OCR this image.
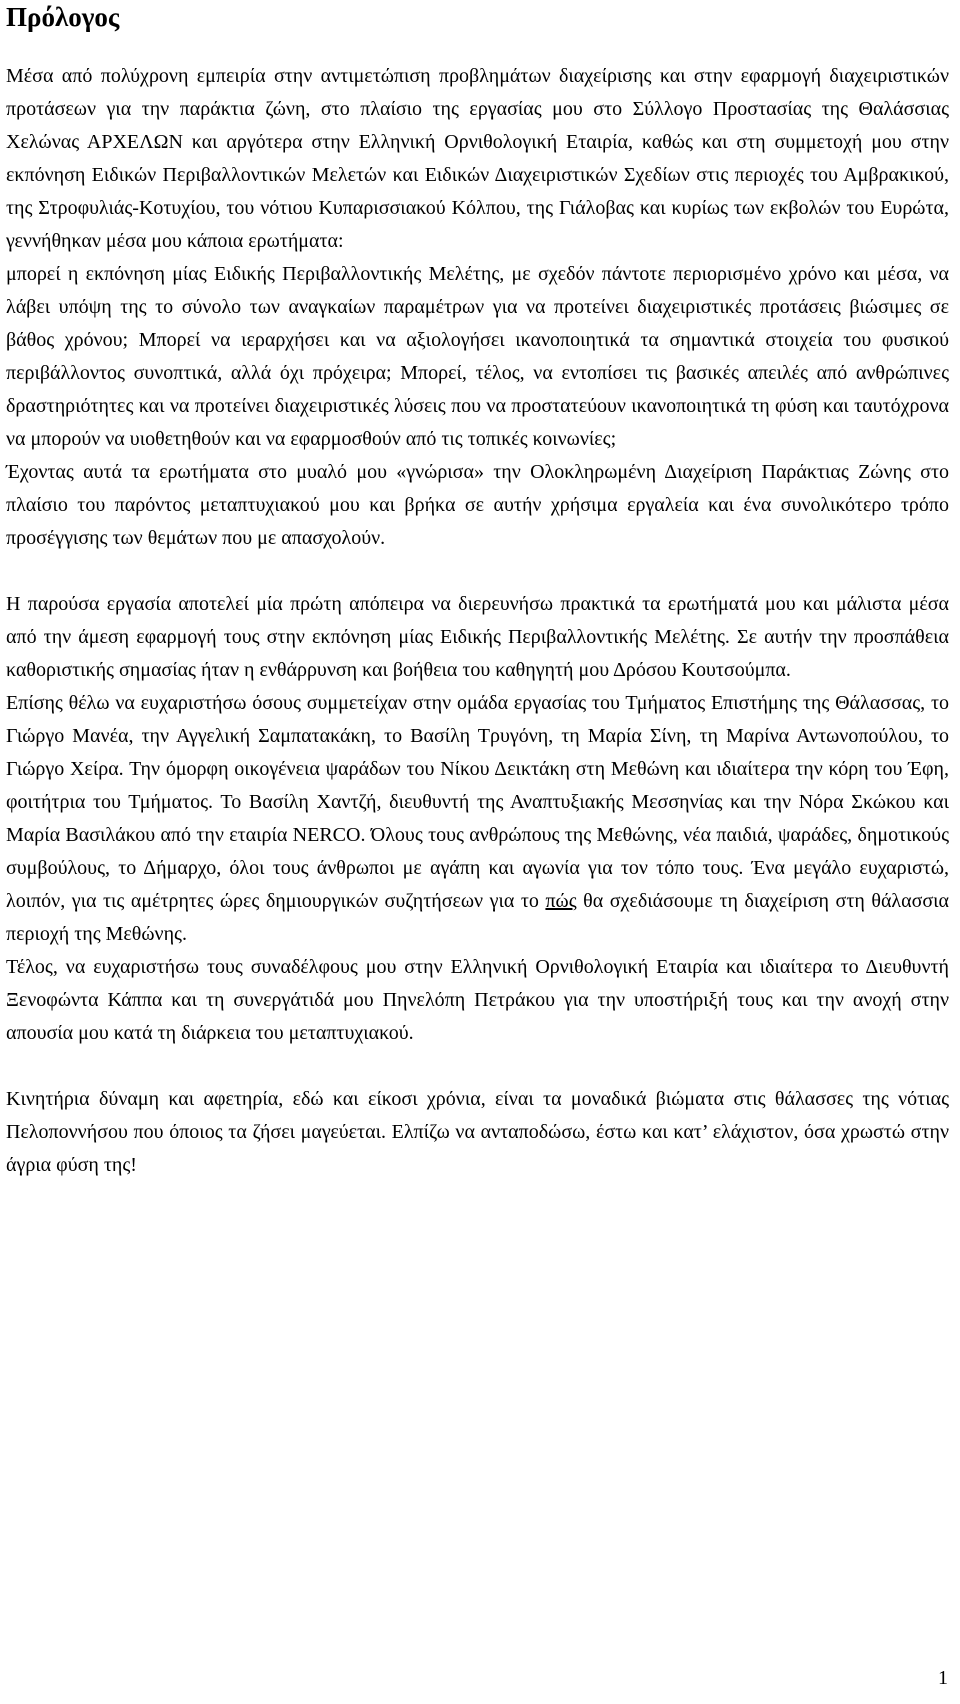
Πρόλογος

Μέσα από πολύχρονη εμπειρία στην αντιμετώπιση προβλημάτων διαχείρισης και στην εφαρμογή διαχειριστικών προτάσεων για την παράκτια ζώνη, στο πλαίσιο της εργασίας μου στο Σύλλογο Προστασίας της Θαλάσσιας Χελώνας ΑΡΧΕΛΩΝ και αργότερα στην Ελληνική Ορνιθολογική Εταιρία, καθώς και στη συμμετοχή μου στην εκπόνηση Ειδικών Περιβαλλοντικών Μελετών και Ειδικών Διαχειριστικών Σχεδίων στις περιοχές του Αμβρακικού, της Στροφυλιάς-Κοτυχίου, του νότιου Κυπαρισσιακού Κόλπου, της Γιάλοβας και κυρίως των εκβολών του Ευρώτα, γεννήθηκαν μέσα μου κάποια ερωτήματα:

μπορεί η εκπόνηση μίας Ειδικής Περιβαλλοντικής Μελέτης, με σχεδόν πάντοτε περιορισμένο χρόνο και μέσα, να λάβει υπόψη της το σύνολο των αναγκαίων παραμέτρων για να προτείνει διαχειριστικές προτάσεις βιώσιμες σε βάθος χρόνου; Μπορεί να ιεραρχήσει και να αξιολογήσει ικανοποιητικά τα σημαντικά στοιχεία του φυσικού περιβάλλοντος συνοπτικά, αλλά όχι πρόχειρα; Μπορεί, τέλος, να εντοπίσει τις βασικές απειλές από ανθρώπινες δραστηριότητες και να προτείνει διαχειριστικές λύσεις που να προστατεύουν ικανοποιητικά τη φύση και ταυτόχρονα να μπορούν να υιοθετηθούν και να εφαρμοσθούν από τις τοπικές κοινωνίες;

Έχοντας αυτά τα ερωτήματα στο μυαλό μου «γνώρισα» την Ολοκληρωμένη Διαχείριση Παράκτιας Ζώνης στο πλαίσιο του παρόντος μεταπτυχιακού μου και βρήκα σε αυτήν χρήσιμα εργαλεία και ένα συνολικότερο τρόπο προσέγγισης των θεμάτων που με απασχολούν.

Η παρούσα εργασία αποτελεί μία πρώτη απόπειρα να διερευνήσω πρακτικά τα ερωτήματά μου και μάλιστα μέσα από την άμεση εφαρμογή τους στην εκπόνηση μίας Ειδικής Περιβαλλοντικής Μελέτης. Σε αυτήν την προσπάθεια καθοριστικής σημασίας ήταν η ενθάρρυνση και βοήθεια του καθηγητή μου Δρόσου Κουτσούμπα.

Επίσης θέλω να ευχαριστήσω όσους συμμετείχαν στην ομάδα εργασίας του Τμήματος Επιστήμης της Θάλασσας, το Γιώργο Μανέα, την Αγγελική Σαμπατακάκη, το Βασίλη Τρυγόνη, τη Μαρία Σίνη, τη Μαρίνα Αντωνοπούλου, το Γιώργο Χείρα. Την όμορφη οικογένεια ψαράδων του Νίκου Δεικτάκη στη Μεθώνη και ιδιαίτερα την κόρη του Έφη, φοιτήτρια του Τμήματος. Το Βασίλη Χαντζή, διευθυντή της Αναπτυξιακής Μεσσηνίας και την Νόρα Σκώκου και Μαρία Βασιλάκου από την εταιρία NERCO. Όλους τους ανθρώπους της Μεθώνης, νέα παιδιά, ψαράδες, δημοτικούς συμβούλους, το Δήμαρχο, όλοι τους άνθρωποι με αγάπη και αγωνία για τον τόπο τους. Ένα μεγάλο ευχαριστώ, λοιπόν, για τις αμέτρητες ώρες δημιουργικών συζητήσεων για το πώς θα σχεδιάσουμε τη διαχείριση στη θάλασσια περιοχή της Μεθώνης.

Τέλος, να ευχαριστήσω τους συναδέλφους μου στην Ελληνική Ορνιθολογική Εταιρία και ιδιαίτερα το Διευθυντή Ξενοφώντα Κάππα και τη συνεργάτιδά μου Πηνελόπη Πετράκου για την υποστήριξή τους και την ανοχή στην απουσία μου κατά τη διάρκεια του μεταπτυχιακού.

Κινητήρια δύναμη και αφετηρία, εδώ και είκοσι χρόνια, είναι τα μοναδικά βιώματα στις θάλασσες της νότιας Πελοποννήσου που όποιος τα ζήσει μαγεύεται. Ελπίζω να ανταποδώσω, έστω και κατ’ ελάχιστον, όσα χρωστώ στην άγρια φύση της!

1
